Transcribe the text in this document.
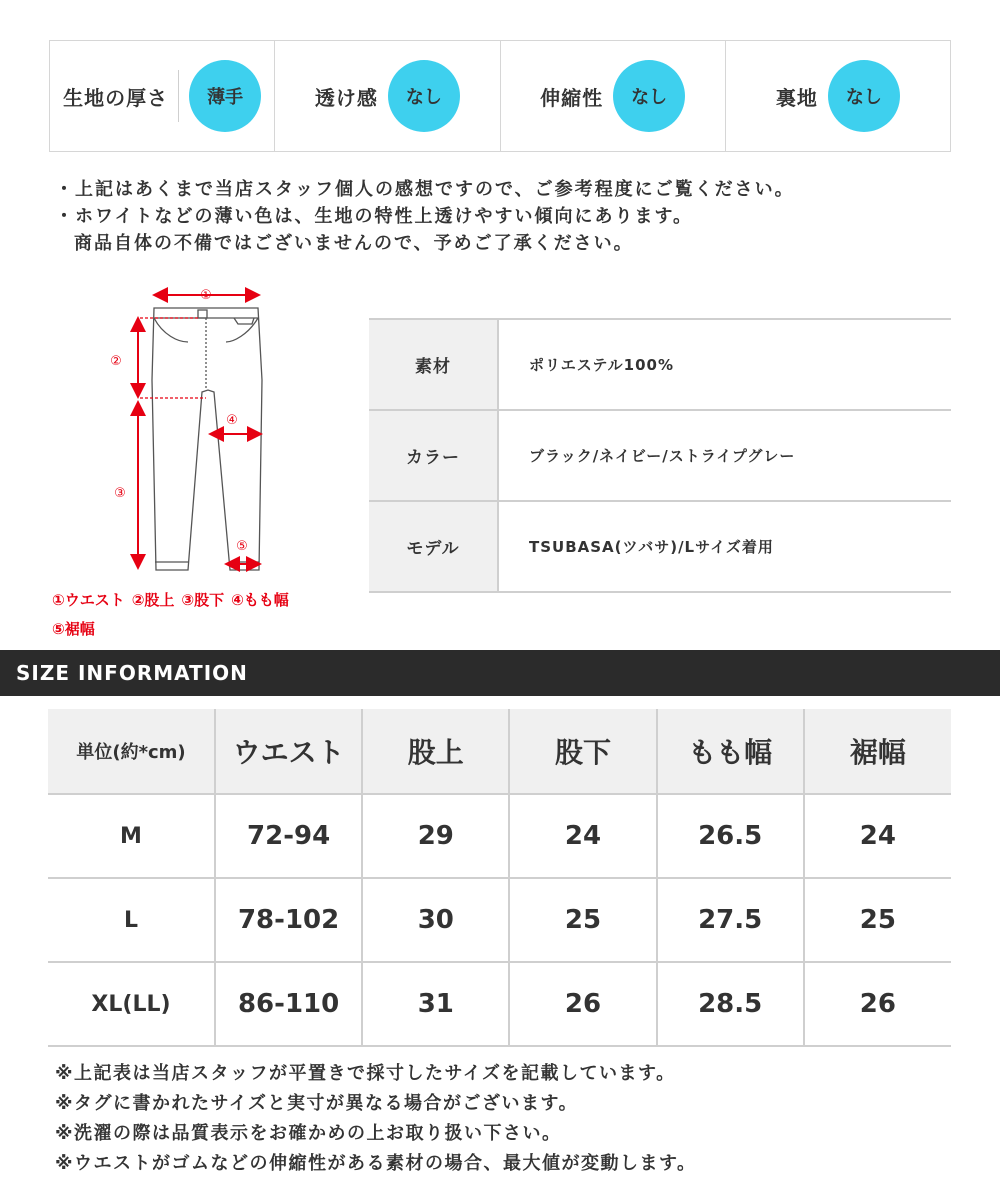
生地の厚さ	薄手	透け感	なし	伸縮性	なし	裏地	なし
・上記はあくまで当店スタッフ個人の感想ですので、ご参考程度にご覧ください。
・ホワイトなどの薄い色は、生地の特性上透けやすい傾向にあります。
商品自体の不備ではございませんので、予めご了承ください。
①
②
③
④
⑤
①ウエスト ②股上 ③股下 ④もも幅
⑤裾幅
素材	ポリエステル100%
カラー	ブラック/ネイビー/ストライプグレー
モデル	TSUBASA(ツバサ)/Lサイズ着用
SIZE INFORMATION
単位(約*cm)	ウエスト	股上	股下	もも幅	裾幅
M	72-94	29	24	26.5	24
L	78-102	30	25	27.5	25
XL(LL)	86-110	31	26	28.5	26
※上記表は当店スタッフが平置きで採寸したサイズを記載しています。
※タグに書かれたサイズと実寸が異なる場合がございます。
※洗濯の際は品質表示をお確かめの上お取り扱い下さい。
※ウエストがゴムなどの伸縮性がある素材の場合、最大値が変動します。
